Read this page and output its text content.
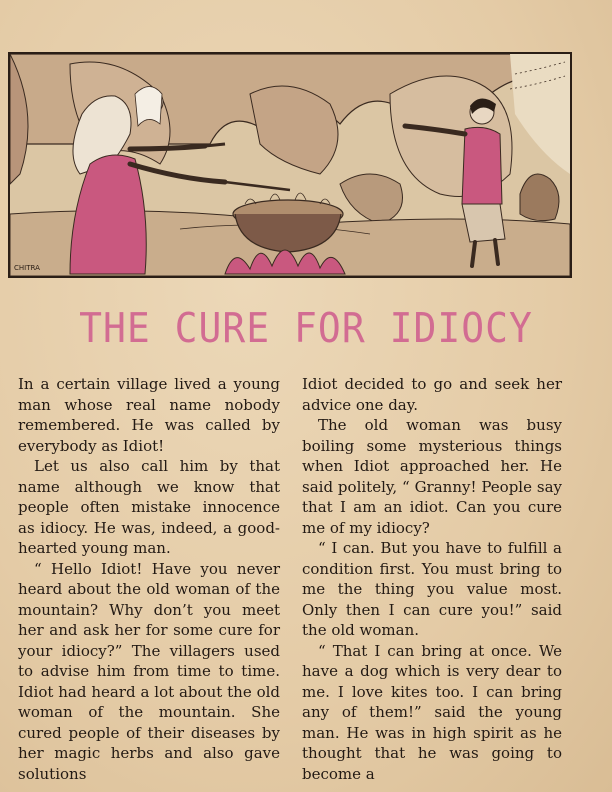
CHITRA
THE CURE FOR IDIOCY

In a certain village lived a young man whose real name nobody remembered. He was called by everybody as Idiot!

Let us also call him by that name although we know that people often mistake innocence as idiocy. He was, indeed, a good-hearted young man.

“ Hello Idiot! Have you never heard about the old woman of the mountain? Why don’t you meet her and ask her for some cure for your idiocy?” The villagers used to advise him from time to time. Idiot had heard a lot about the old woman of the mountain. She cured people of their diseases by her magic herbs and also gave solutions

Idiot decided to go and seek her advice one day.

The old woman was busy boiling some mysterious things when Idiot approached her. He said politely, “ Granny! People say that I am an idiot. Can you cure me of my idiocy?

“ I can. But you have to fulfill a condition first. You must bring to me the thing you value most. Only then I can cure you!” said the old woman.

“ That I can bring at once. We have a dog which is very dear to me. I love kites too. I can bring any of them!” said the young man. He was in high spirit as he thought that he was going to become a
